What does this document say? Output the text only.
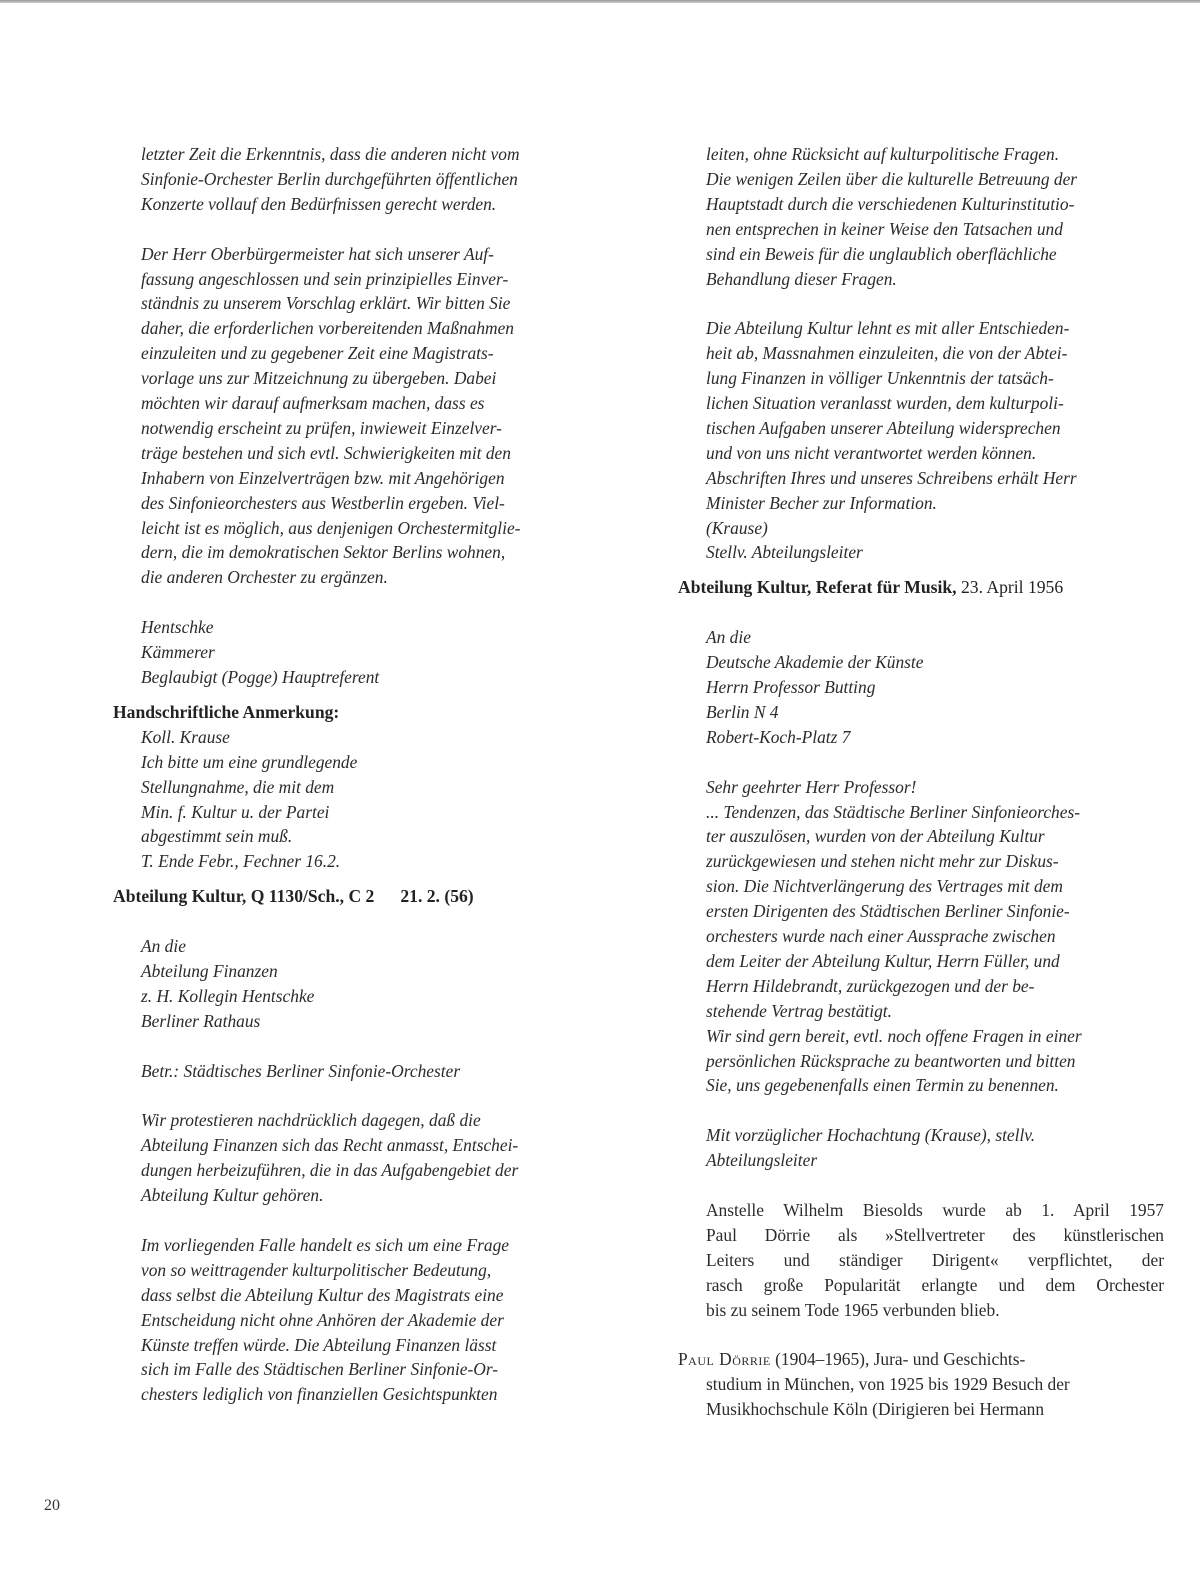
letzter Zeit die Erkenntnis, dass die anderen nicht vom
Sinfonie-Orchester Berlin durchgeführten öffentlichen
Konzerte vollauf den Bedürfnissen gerecht werden.
Der Herr Oberbürgermeister hat sich unserer Auf-
fassung angeschlossen und sein prinzipielles Einver-
ständnis zu unserem Vorschlag erklärt. Wir bitten Sie
daher, die erforderlichen vorbereitenden Maßnahmen
einzuleiten und zu gegebener Zeit eine Magistrats-
vorlage uns zur Mitzeichnung zu übergeben. Dabei
möchten wir darauf aufmerksam machen, dass es
notwendig erscheint zu prüfen, inwieweit Einzelver-
träge bestehen und sich evtl. Schwierigkeiten mit den
Inhabern von Einzelverträgen bzw. mit Angehörigen
des Sinfonieorchesters aus Westberlin ergeben. Viel-
leicht ist es möglich, aus denjenigen Orchestermitglie-
dern, die im demokratischen Sektor Berlins wohnen,
die anderen Orchester zu ergänzen.
Hentschke
Kämmerer
Beglaubigt (Pogge) Hauptreferent
Handschriftliche Anmerkung:
Koll. Krause
Ich bitte um eine grundlegende
Stellungnahme, die mit dem
Min. f. Kultur u. der Partei
abgestimmt sein muß.
T. Ende Febr., Fechner 16.2.
Abteilung Kultur, Q 1130/Sch., C 2 21. 2. (56)
An die
Abteilung Finanzen
z. H. Kollegin Hentschke
Berliner Rathaus
Betr.: Städtisches Berliner Sinfonie-Orchester
Wir protestieren nachdrücklich dagegen, daß die
Abteilung Finanzen sich das Recht anmasst, Entschei-
dungen herbeizuführen, die in das Aufgabengebiet der
Abteilung Kultur gehören.
Im vorliegenden Falle handelt es sich um eine Frage
von so weittragender kulturpolitischer Bedeutung,
dass selbst die Abteilung Kultur des Magistrats eine
Entscheidung nicht ohne Anhören der Akademie der
Künste treffen würde. Die Abteilung Finanzen lässt
sich im Falle des Städtischen Berliner Sinfonie-Or-
chesters lediglich von finanziellen Gesichtspunkten
leiten, ohne Rücksicht auf kulturpolitische Fragen.
Die wenigen Zeilen über die kulturelle Betreuung der
Hauptstadt durch die verschiedenen Kulturinstitutio-
nen entsprechen in keiner Weise den Tatsachen und
sind ein Beweis für die unglaublich oberflächliche
Behandlung dieser Fragen.
Die Abteilung Kultur lehnt es mit aller Entschieden-
heit ab, Massnahmen einzuleiten, die von der Abtei-
lung Finanzen in völliger Unkenntnis der tatsäch-
lichen Situation veranlasst wurden, dem kulturpoli-
tischen Aufgaben unserer Abteilung widersprechen
und von uns nicht verantwortet werden können.
Abschriften Ihres und unseres Schreibens erhält Herr
Minister Becher zur Information.
(Krause)
Stellv. Abteilungsleiter
Abteilung Kultur, Referat für Musik, 23. April 1956
An die
Deutsche Akademie der Künste
Herrn Professor Butting
Berlin N 4
Robert-Koch-Platz 7
Sehr geehrter Herr Professor!
... Tendenzen, das Städtische Berliner Sinfonieorches-
ter auszulösen, wurden von der Abteilung Kultur
zurückgewiesen und stehen nicht mehr zur Diskus-
sion. Die Nichtverlängerung des Vertrages mit dem
ersten Dirigenten des Städtischen Berliner Sinfonie-
orchesters wurde nach einer Aussprache zwischen
dem Leiter der Abteilung Kultur, Herrn Füller, und
Herrn Hildebrandt, zurückgezogen und der be-
stehende Vertrag bestätigt.
Wir sind gern bereit, evtl. noch offene Fragen in einer
persönlichen Rücksprache zu beantworten und bitten
Sie, uns gegebenenfalls einen Termin zu benennen.
Mit vorzüglicher Hochachtung (Krause), stellv.
Abteilungsleiter
Anstelle Wilhelm Biesolds wurde ab 1. April 1957
Paul Dörrie als »Stellvertreter des künstlerischen
Leiters und ständiger Dirigent« verpflichtet, der
rasch große Popularität erlangte und dem Orchester
bis zu seinem Tode 1965 verbunden blieb.
Paul Dörrie (1904–1965), Jura- und Geschichts-
studium in München, von 1925 bis 1929 Besuch der
Musikhochschule Köln (Dirigieren bei Hermann
20
